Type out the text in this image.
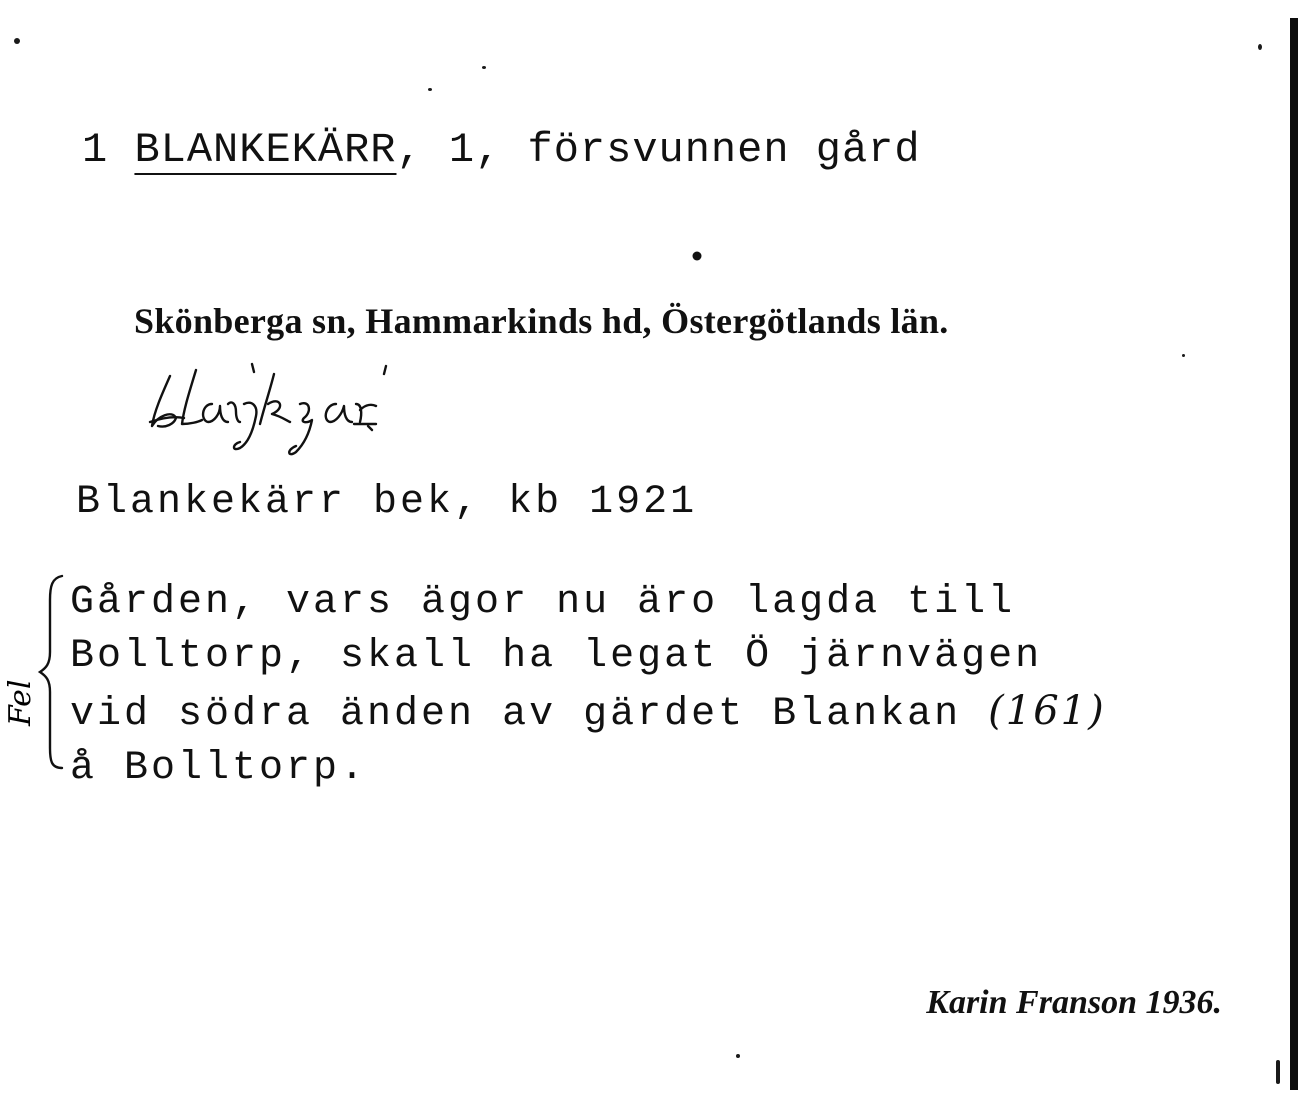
1 BLANKEKÄRR, 1, försvunnen gård
Skönberga sn, Hammarkinds hd, Östergötlands län.
Blankekärr bek, kb 1921
Fel
Gården, vars ägor nu äro lagda till
Bolltorp, skall ha legat Ö järnvägen
vid södra änden av gärdet Blankan (161)
å Bolltorp.
Karin Franson 1936.
